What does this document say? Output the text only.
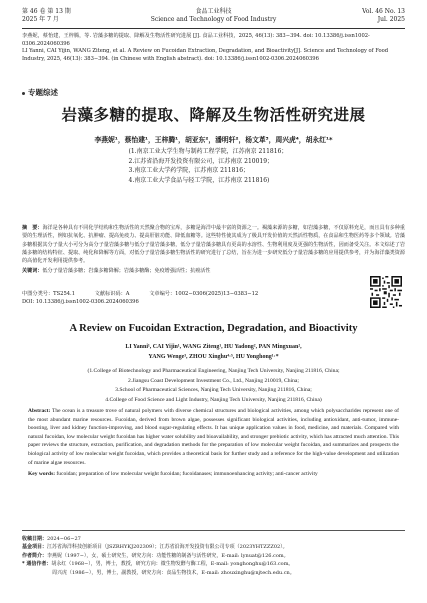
第 46 卷 第 13 期
2025 年 7 月
食品工业科技
Science and Technology of Food Industry
Vol. 46 No. 13
Jul. 2025

李燕妮，蔡怡建，王梓腾，等. 岩藻多糖的提取、降解及生物活性研究进展 [J]. 食品工业科技，2025, 46(13): 383−394. doi: 10.13386/j.issn1002-0306.2024060396

LI Yanni, CAI Yijin, WANG Ziteng, et al. A Review on Fucoidan Extraction, Degradation, and Bioactivity[J]. Science and Technology of Food Industry, 2025, 46(13): 383−394. (in Chinese with English abstract). doi: 10.13386/j.issn1002-0306.2024060396

专题综述
岩藻多糖的提取、降解及生物活性研究进展
李燕妮¹，蔡怡建¹，王梓腾¹，胡亚东²，潘明轩²，杨文革³，周兴虎⁴，胡永红¹*
(1.南京工业大学生物与制药工程学院，江苏南京 211816；
2.江苏省沿海开发投资有限公司，江苏南京 210019；
3.南京工业大学药学院，江苏南京 211816；
4.南京工业大学食品与轻工学院，江苏南京 211816)

摘　要：海洋是各种具有不同化学结构和生物活性的天然聚合物的宝库，多糖是海洋中最丰富的资源之一。褐藻来源的多糖，如岩藻多糖，不仅原料充足，而且具有多种重要的生理活性，例如抗氧化、抗肿瘤、提高免疫力、提高肝脏功能、降低血糖等。这些特性使其成为了极具开发价值的天然活性物质，在食品和生物医药等多个领域。岩藻多糖根据其分子量大小可分为高分子量岩藻多糖与低分子量岩藻多糖，低分子量岩藻多糖具有更高的水溶性、生物利用度及更强的生物活性，因而备受关注。本文综述了岩藻多糖的结构特征、提取、纯化和降解等方面，对低分子量岩藻多糖生物活性的研究进行了总结，旨在为进一步研究低分子量岩藻多糖的应用提供参考，并为海洋藻类资源的高值化开发利用提供参考。

关键词：低分子量岩藻多糖；岩藻多糖降解；岩藻多糖酶；免疫增强活性；抗癌活性

中图分类号：TS254.1	文献标识码：A	文章编号：1002−0306(2025)13−0383−12
DOI: 10.13386/j.issn1002-0306.2024060396
A Review on Fucoidan Extraction, Degradation, and Bioactivity
LI Yanni¹, CAI Yijin¹, WANG Ziteng¹, HU Yadong², PAN Mingxuan²,
YANG Wenge³, ZHOU Xinghu⁴·⁵, HU Yonghong¹·*
(1.College of Biotechnology and Pharmaceutical Engineering, Nanjing Tech University, Nanjing 211816, China;
2.Jiangsu Coast Development Investment Co., Ltd., Nanjing 210019, China;
3.School of Pharmaceutical Sciences, Nanjing Tech University, Nanjing 211816, China;
4.College of Food Science and Light Industry, Nanjing Tech University, Nanjing 211816, China)

Abstract: The ocean is a treasure trove of natural polymers with diverse chemical structures and biological activities, among which polysaccharides represent one of the most abundant marine resources. Fucoidan, derived from brown algae, possesses significant biological activities, including antioxidant, anti-tumor, immune-boosting, liver and kidney function-improving, and blood sugar-regulating effects. It has unique application values in food, medicine, and materials. Compared with natural fucoidan, low molecular weight fucoidan has higher water solubility and bioavailability, and stronger prebiotic activity, which has attracted much attention. This paper reviews the structure, extraction, purification, and degradation methods for the preparation of low molecular weight fucoidan, and summarizes and prospects the biological activity of low molecular weight fucoidan, which provides a theoretical basis for further study and a reference for the high-value development and utilization of marine algae resources.

Key words: fucoidan; preparation of low molecular weight fucoidan; fucoidanases; immunoenhancing activity; anti-cancer activity

收稿日期：2024−06−27

基金项目：江苏省海洋科技创新项目（JSZRHYKJ202309）；江苏省沿海开发投资有限公司专项（2023YHTZZZ02）。

作者简介：李燕妮（1997−），女，硕士研究生，研究方向：功能性糖的制备与活性研究，E-mail: lynuat@126.com。

* 通信作者：胡永红（1968−），男，博士，教授，研究方向：微生物发酵与酶工程，E-mail: yonghonghu@163.com。

周兴虎（1986−），男，博士，副教授，研究方向：食品生物技术，E-mail: zhouxinghu@njtech.edu.cn。
